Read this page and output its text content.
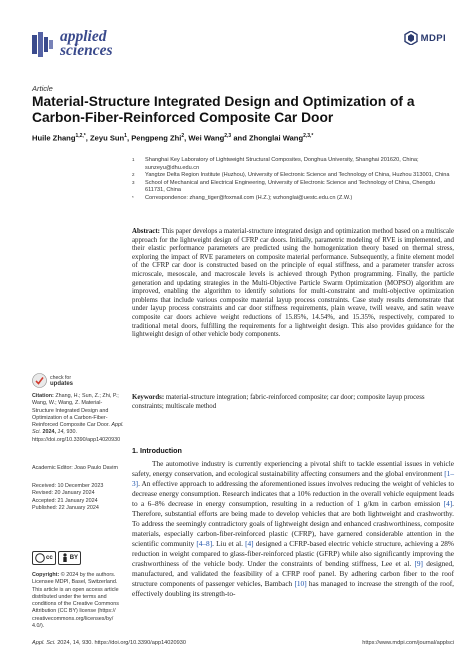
applied
sciences
MDPI
Article
Material-Structure Integrated Design and Optimization of a Carbon-Fiber-Reinforced Composite Car Door
Huile Zhang$^{1,2,*}$, Zeyu Sun$^1$, Pengpeng Zhi$^2$, Wei Wang$^{2,3}$ and Zhonglai Wang$^{2,3,*}$
1 Shanghai Key Laboratory of Lightweight Structural Composites, Donghua University, Shanghai 201620, China; sunzeyu@dhu.edu.cn
2 Yangtze Delta Region Institute (Huzhou), University of Electronic Science and Technology of China, Huzhou 313001, China
3 School of Mechanical and Electrical Engineering, University of Electronic Science and Technology of China, Chengdu 611731, China
* Correspondence: zhang_tiger@foxmail.com (H.Z.); wzhonglai@uestc.edu.cn (Z.W.)
Abstract: This paper develops a material-structure integrated design and optimization method based on a multiscale approach for the lightweight design of CFRP car doors. Initially, parametric modeling of RVE is implemented, and their elastic performance parameters are predicted using the homogenization theory based on thermal stress, exploring the impact of RVE parameters on composite material performance. Subsequently, a finite element model of the CFRP car door is constructed based on the principle of equal stiffness, and a parameter transfer across microscale, mesoscale, and macroscale levels is achieved through Python programming. Finally, the particle generation and updating strategies in the Multi-Objective Particle Swarm Optimization (MOPSO) algorithm are improved, enabling the algorithm to identify solutions for multi-constraint and multi-objective optimization problems that include various composite material layup process constraints. Case study results demonstrate that under layup process constraints and car door stiffness requirements, plain weave, twill weave, and satin weave composite car doors achieve weight reductions of 15.85%, 14.54%, and 15.35%, respectively, compared to traditional metal doors, fulfilling the requirements for a lightweight design. This also provides guidance for the lightweight design of other vehicle body components.
Keywords: material-structure integration; fabric-reinforced composite; car door; composite layup process constraints; multiscale method
check for
updates
Citation: Zhang, H.; Sun, Z.; Zhi, P.; Wang, W.; Wang, Z. Material-Structure Integrated Design and Optimization of a Carbon-Fiber-Reinforced Composite Car Door. Appl. Sci. 2024, 14, 930. https://doi.org/10.3390/app14020930
Academic Editor: Joao Paulo Davim
Received: 10 December 2023
Revised: 20 January 2024
Accepted: 21 January 2024
Published: 22 January 2024
cc	BY
Copyright: © 2024 by the authors. Licensee MDPI, Basel, Switzerland. This article is an open access article distributed under the terms and conditions of the Creative Commons Attribution (CC BY) license (https:// creativecommons.org/licenses/by/ 4.0/).
1. Introduction
The automotive industry is currently experiencing a pivotal shift to tackle essential issues in vehicle safety, energy conservation, and ecological sustainability affecting consumers and the global environment [1–3]. An effective approach to addressing the aforementioned issues involves reducing the weight of vehicles to decrease energy consumption. Research indicates that a 10% reduction in the overall vehicle equipment leads to a 6–8% decrease in energy consumption, resulting in a reduction of 1 g/km in carbon emission [4]. Therefore, substantial efforts are being made to develop vehicles that are both lightweight and crashworthy. To address the seemingly contradictory goals of lightweight design and enhanced crashworthiness, composite materials, especially carbon-fiber-reinforced plastic (CFRP), have garnered considerable attention in the scientific community [4–8]. Liu et al. [4] designed a CFRP-based electric vehicle structure, achieving a 28% reduction in weight compared to glass-fiber-reinforced plastic (GFRP) while also significantly improving the crashworthiness of the vehicle body. Under the constraints of bending stiffness, Lee et al. [9] designed, manufactured, and validated the feasibility of a CFRP roof panel. By adhering carbon fiber to the roof structure components of passenger vehicles, Bambach [10] has managed to increase the strength of the roof, effectively doubling its strength-to-
Appl. Sci. 2024, 14, 930. https://doi.org/10.3390/app14020930	https://www.mdpi.com/journal/applsci
